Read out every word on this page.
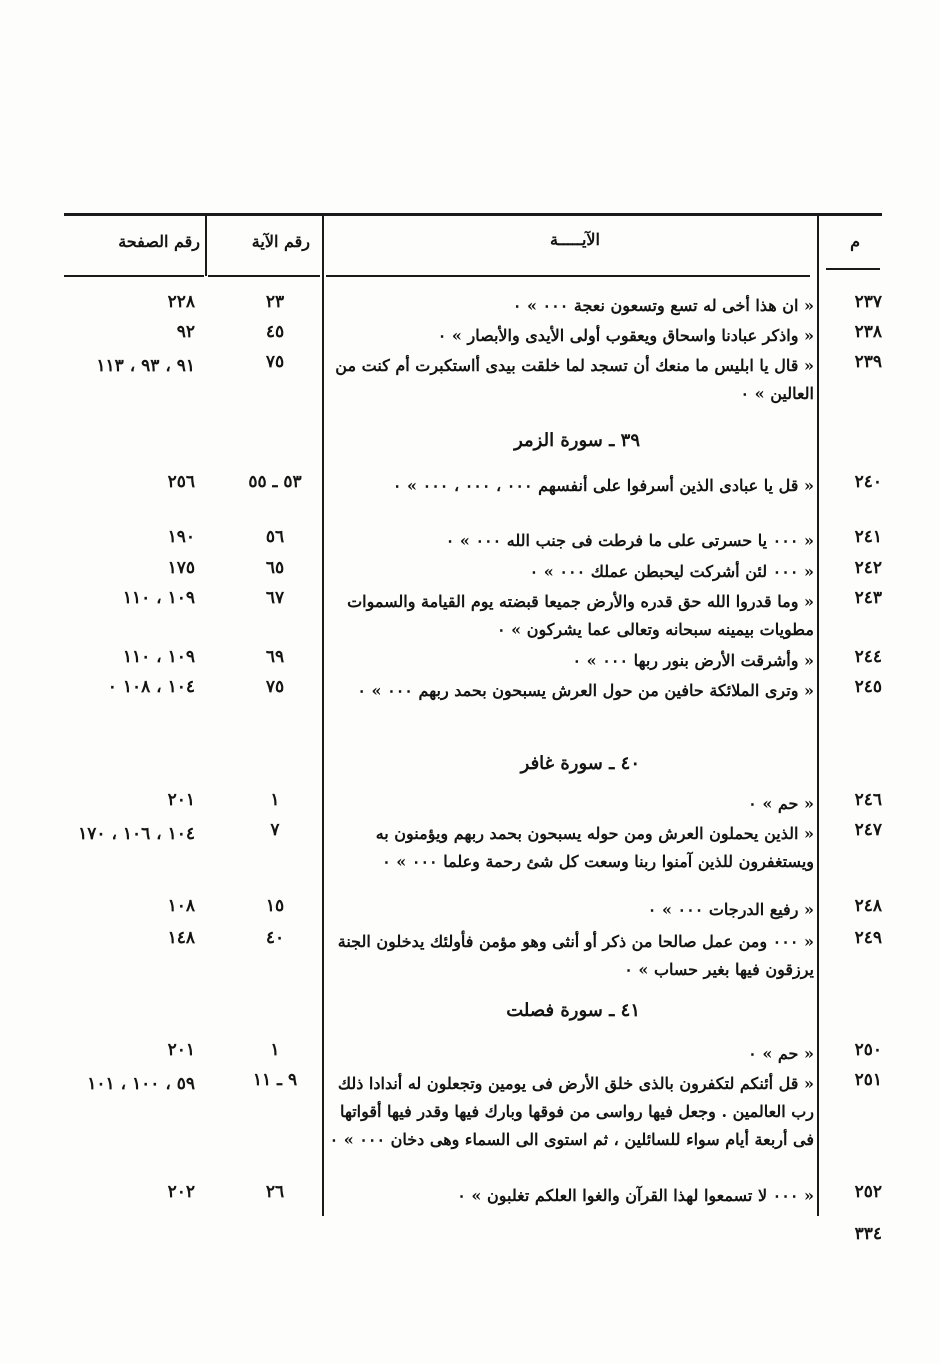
م
الآيـــــة
رقم الآية
رقم الصفحة
٢٣٧
« ان هذا أخى له تسع وتسعون نعجة ٠٠٠ » ٠
٢٣
٢٢٨
٢٣٨
« واذكر عبادنا واسحاق ويعقوب أولى الأيدى والأبصار » ٠
٤٥
٩٢
٢٣٩
« قال يا ابليس ما منعك أن تسجد لما خلقت بيدى أاستكبرت أم كنت من العالين » ٠
٧٥
٩١ ، ٩٣ ، ١١٣
٣٩ ـ سورة الزمر
٢٤٠
« قل يا عبادى الذين أسرفوا على أنفسهم ٠٠٠ ، ٠٠٠ ، ٠٠٠ » ٠
٥٣ ـ ٥٥
٢٥٦
٢٤١
« ٠٠٠ يا حسرتى على ما فرطت فى جنب الله ٠٠٠ » ٠
٥٦
١٩٠
٢٤٢
« ٠٠٠ لئن أشركت ليحبطن عملك ٠٠٠ » ٠
٦٥
١٧٥
٢٤٣
« وما قدروا الله حق قدره والأرض جميعا قبضته يوم القيامة والسموات مطويات بيمينه سبحانه وتعالى عما يشركون » ٠
٦٧
١٠٩ ، ١١٠
٢٤٤
« وأشرقت الأرض بنور ربها ٠٠٠ » ٠
٦٩
١٠٩ ، ١١٠
٢٤٥
« وترى الملائكة حافين من حول العرش يسبحون بحمد ربهم ٠٠٠ » ٠
٧٥
١٠٤ ، ١٠٨ ٠
٤٠ ـ سورة غافر
٢٤٦
« حم » ٠
١
٢٠١
٢٤٧
« الذين يحملون العرش ومن حوله يسبحون بحمد ربهم ويؤمنون به ويستغفرون للذين آمنوا ربنا وسعت كل شئ رحمة وعلما ٠٠٠ » ٠
٧
١٠٤ ، ١٠٦ ، ١٧٠
٢٤٨
« رفيع الدرجات ٠٠٠ » ٠
١٥
١٠٨
٢٤٩
« ٠٠٠ ومن عمل صالحا من ذكر أو أنثى وهو مؤمن فأولئك يدخلون الجنة يرزقون فيها بغير حساب » ٠
٤٠
١٤٨
٤١ ـ سورة فصلت
٢٥٠
« حم » ٠
١
٢٠١
٢٥١
« قل أئنكم لتكفرون بالذى خلق الأرض فى يومين وتجعلون له أندادا ذلك رب العالمين . وجعل فيها رواسى من فوقها وبارك فيها وقدر فيها أقواتها فى أربعة أيام سواء للسائلين ، ثم استوى الى السماء وهى دخان ٠٠٠ » ٠
٩ ـ ١١
٥٩ ، ١٠٠ ، ١٠١
٢٥٢
« ٠٠٠ لا تسمعوا لهذا القرآن والغوا العلكم تغلبون » ٠
٢٦
٢٠٢
٣٣٤
